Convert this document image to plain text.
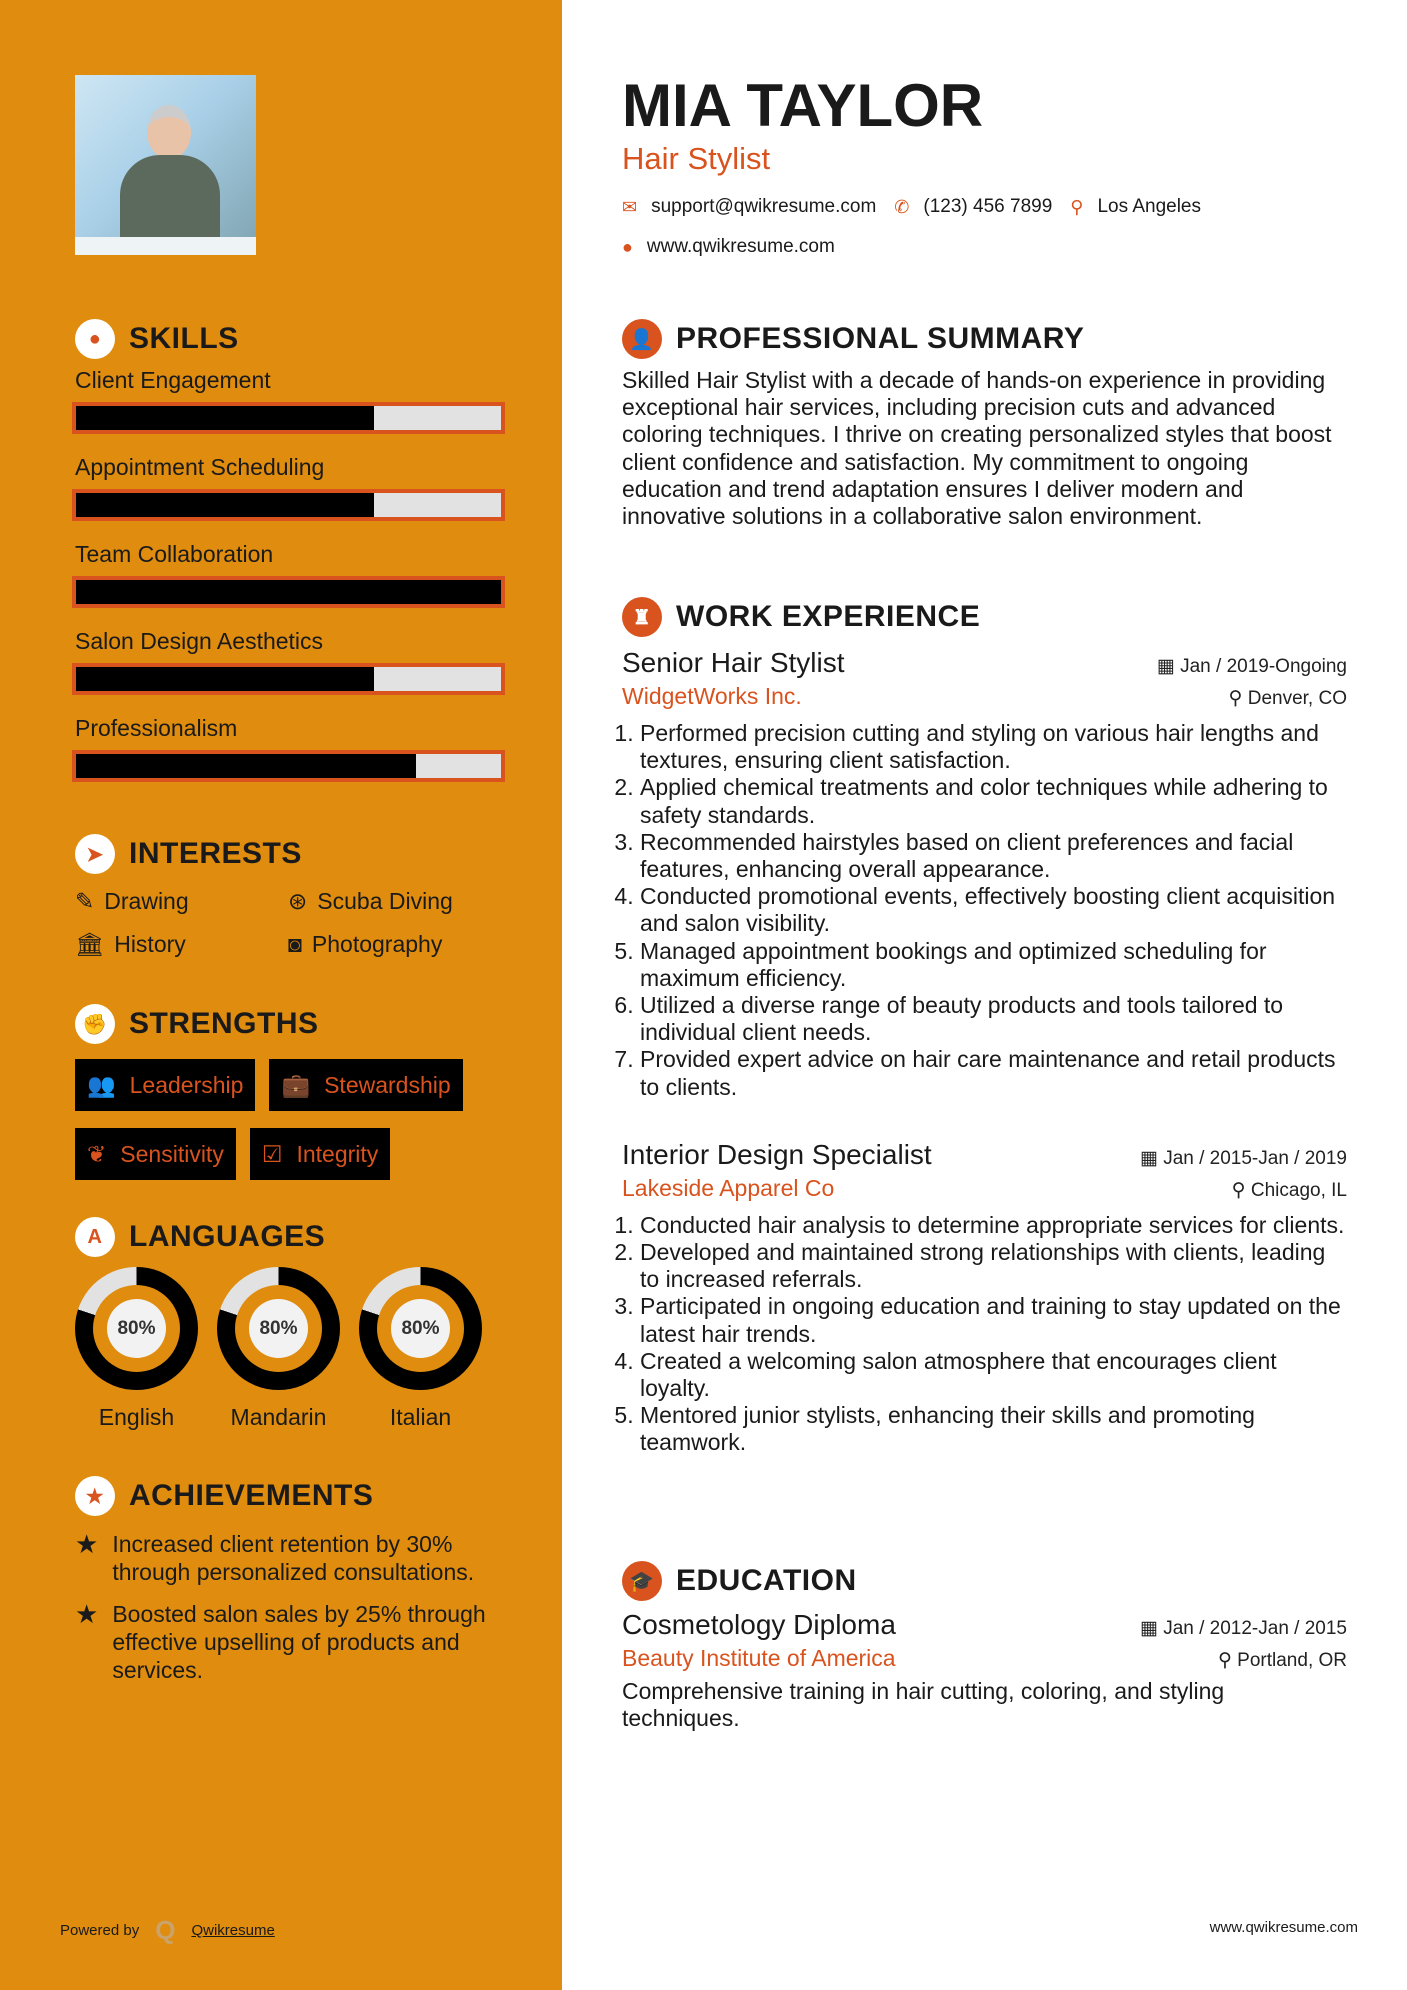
● SKILLS
Client Engagement
Appointment Scheduling
Team Collaboration
Salon Design Aesthetics
Professionalism
➤ INTERESTS
✎ Drawing	⊛ Scuba Diving
🏛 History	◙ Photography
✊ STRENGTHS
👥 Leadership 💼 Stewardship
❦ Sensitivity ☑ Integrity
A LANGUAGES
80%
English
80%
Mandarin
80%
Italian
★ ACHIEVEMENTS
★ Increased client retention by 30% through personalized consultations.
★ Boosted salon sales by 25% through effective upselling of products and services.
Powered by Q Qwikresume
MIA TAYLOR
Hair Stylist
✉ support@qwikresume.com ✆ (123) 456 7899 ⚲ Los Angeles
● www.qwikresume.com
👤 PROFESSIONAL SUMMARY

Skilled Hair Stylist with a decade of hands-on experience in providing exceptional hair services, including precision cuts and advanced coloring techniques. I thrive on creating personalized styles that boost client confidence and satisfaction. My commitment to ongoing education and trend adaptation ensures I deliver modern and innovative solutions in a collaborative salon environment.

♜ WORK EXPERIENCE
Senior Hair Stylist	▦ Jan / 2019-Ongoing
WidgetWorks Inc.	⚲ Denver, CO
1. Performed precision cutting and styling on various hair lengths and textures, ensuring client satisfaction.
2. Applied chemical treatments and color techniques while adhering to safety standards.
3. Recommended hairstyles based on client preferences and facial features, enhancing overall appearance.
4. Conducted promotional events, effectively boosting client acquisition and salon visibility.
5. Managed appointment bookings and optimized scheduling for maximum efficiency.
6. Utilized a diverse range of beauty products and tools tailored to individual client needs.
7. Provided expert advice on hair care maintenance and retail products to clients.
Interior Design Specialist	▦ Jan / 2015-Jan / 2019
Lakeside Apparel Co	⚲ Chicago, IL
1. Conducted hair analysis to determine appropriate services for clients.
2. Developed and maintained strong relationships with clients, leading to increased referrals.
3. Participated in ongoing education and training to stay updated on the latest hair trends.
4. Created a welcoming salon atmosphere that encourages client loyalty.
5. Mentored junior stylists, enhancing their skills and promoting teamwork.
🎓 EDUCATION
Cosmetology Diploma	▦ Jan / 2012-Jan / 2015
Beauty Institute of America	⚲ Portland, OR

Comprehensive training in hair cutting, coloring, and styling techniques.

www.qwikresume.com
